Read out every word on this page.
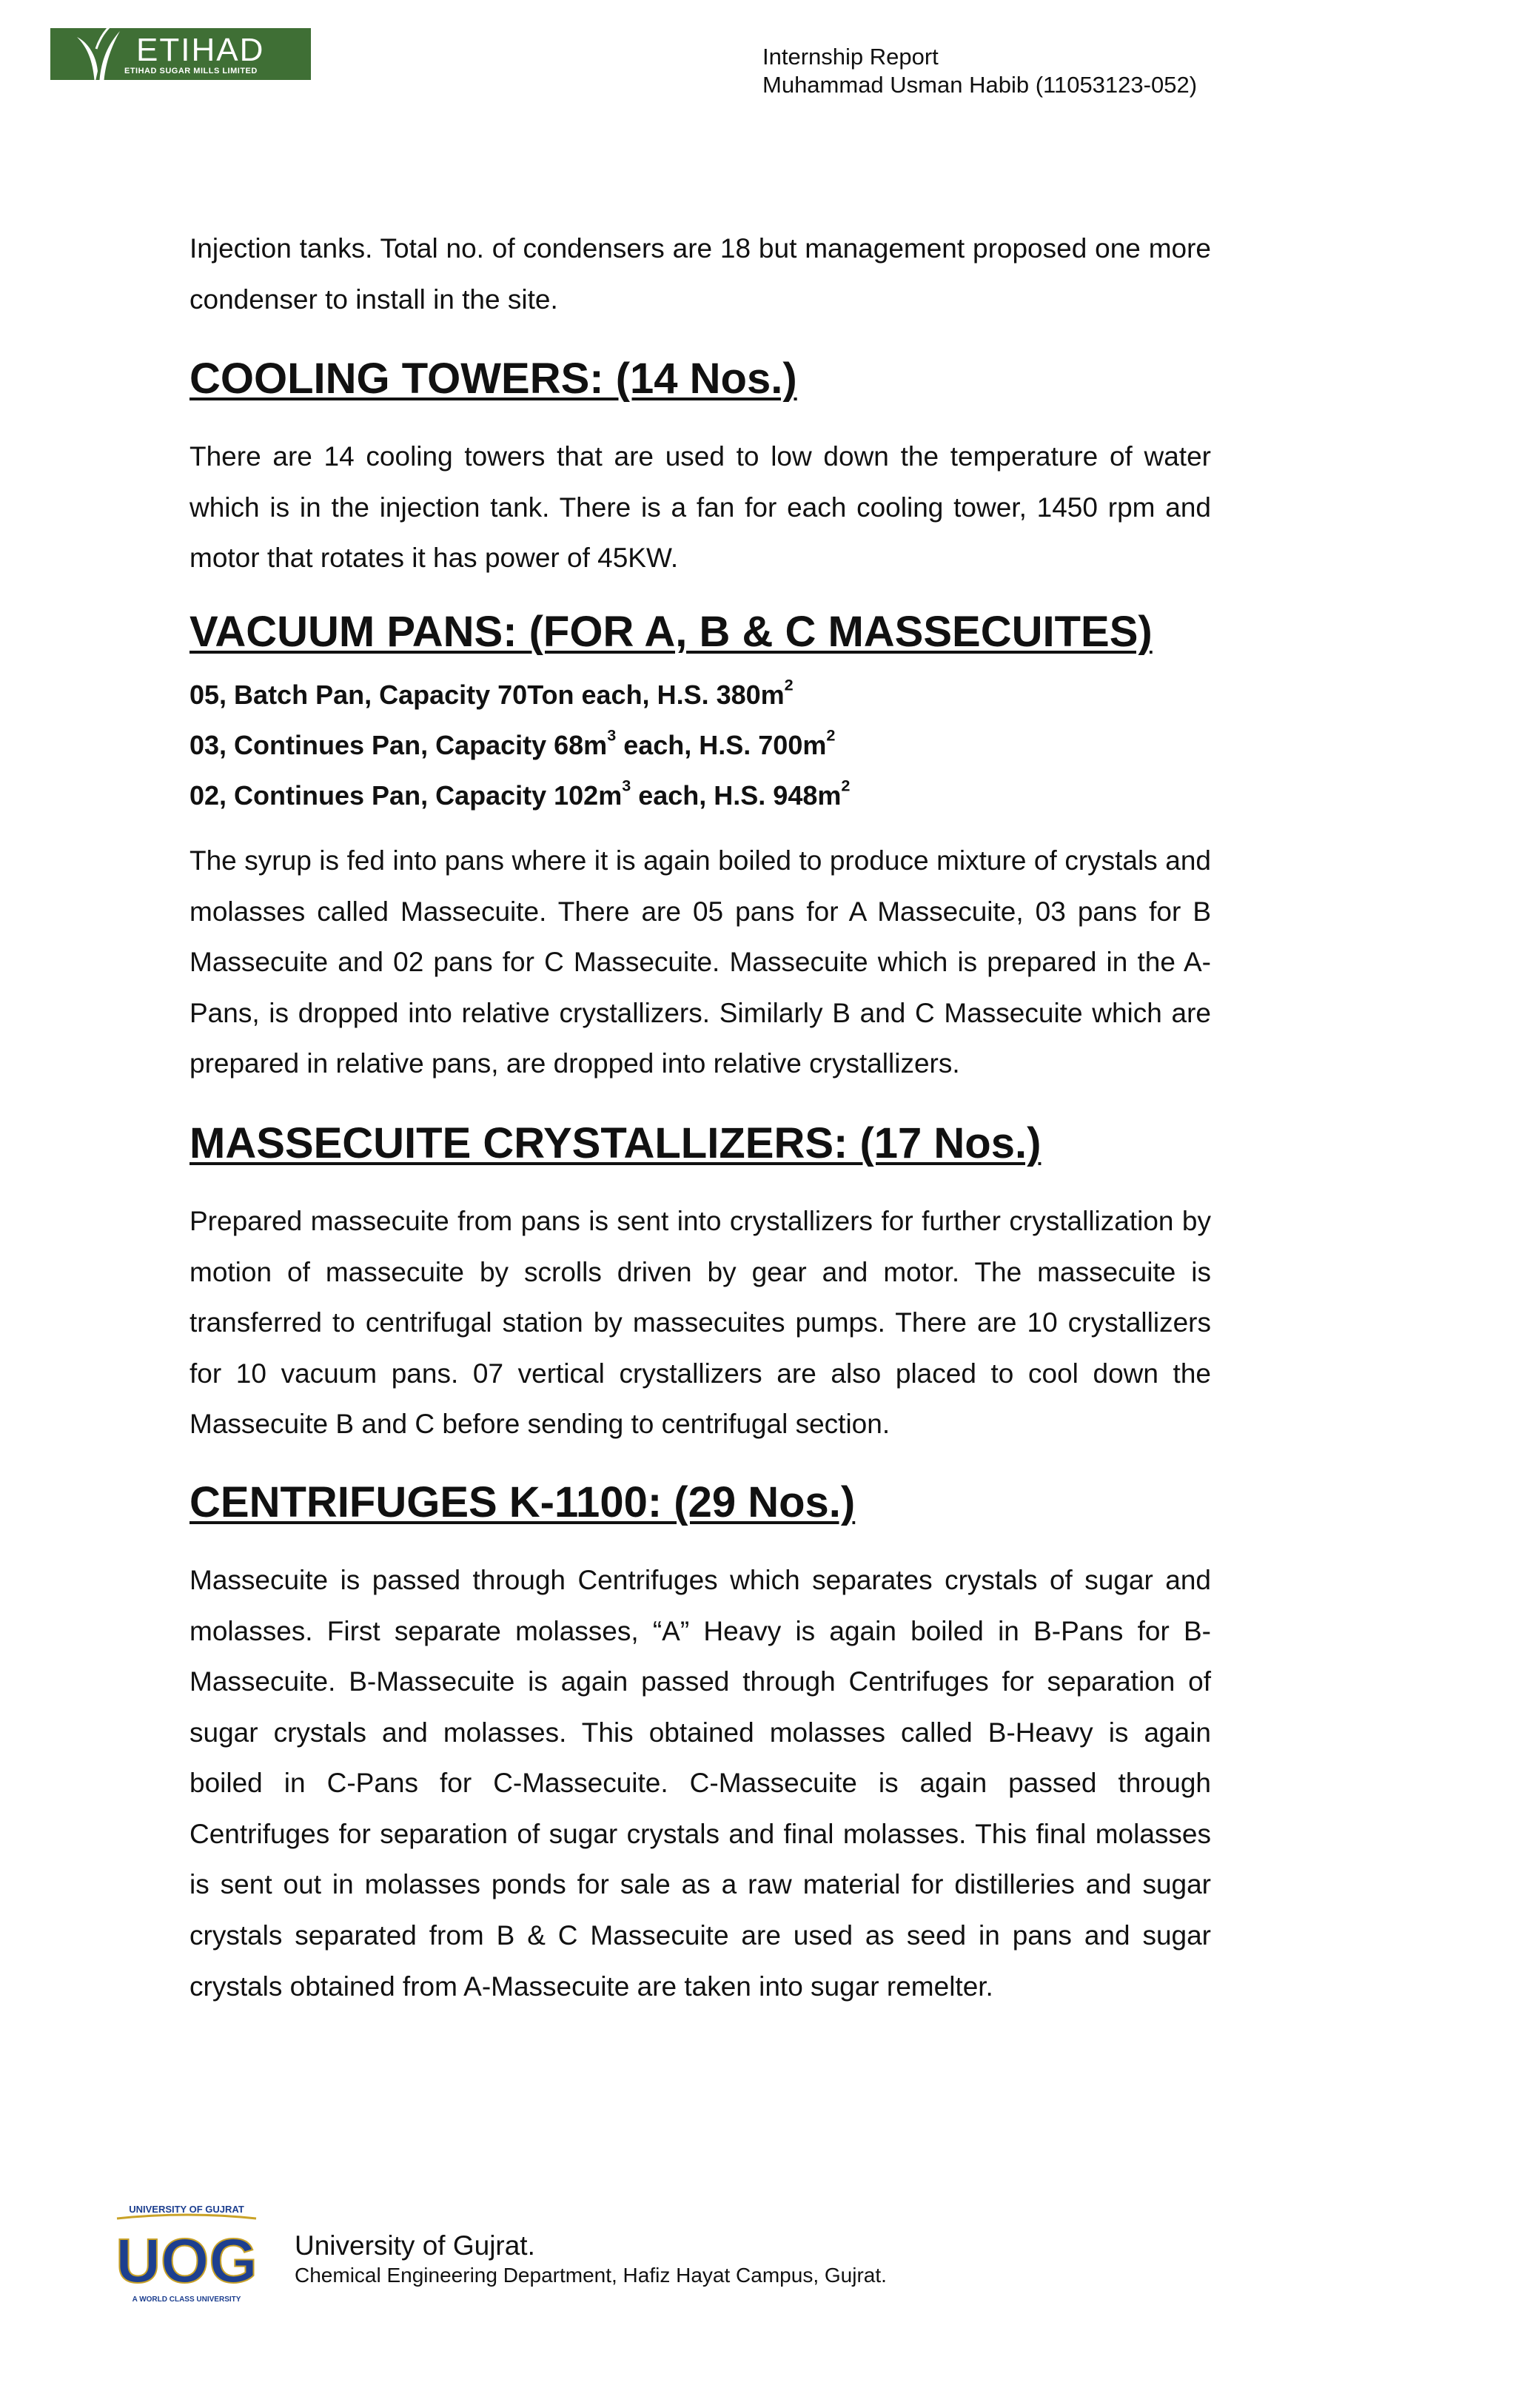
ETIHAD
ETIHAD SUGAR MILLS LIMITED
Internship Report
Muhammad Usman Habib (11053123-052)

Injection tanks. Total no. of condensers are 18 but management proposed one more condenser to install in the site.

COOLING TOWERS: (14 Nos.)

There are 14 cooling towers that are used to low down the temperature of water which is in the injection tank. There is a fan for each cooling tower, 1450 rpm and motor that rotates it has power of 45KW.

VACUUM PANS: (FOR A, B & C MASSECUITES)

05, Batch Pan, Capacity 70Ton each, H.S. $380m^2$

03, Continues Pan, Capacity $68m^3$ each, H.S. $700m^2$

02, Continues Pan, Capacity $102m^3$ each, H.S. $948m^2$

The syrup is fed into pans where it is again boiled to produce mixture of crystals and molasses called Massecuite. There are 05 pans for A Massecuite, 03 pans for B Massecuite and 02 pans for C Massecuite. Massecuite which is prepared in the A-Pans, is dropped into relative crystallizers. Similarly B and C Massecuite which are prepared in relative pans, are dropped into relative crystallizers.

MASSECUITE CRYSTALLIZERS: (17 Nos.)

Prepared massecuite from pans is sent into crystallizers for further crystallization by motion of massecuite by scrolls driven by gear and motor. The massecuite is transferred to centrifugal station by massecuites pumps. There are 10 crystallizers for 10 vacuum pans. 07 vertical crystallizers are also placed to cool down the Massecuite B and C before sending to centrifugal section.

CENTRIFUGES K-1100: (29 Nos.)

Massecuite is passed through Centrifuges which separates crystals of sugar and molasses. First separate molasses, “A” Heavy is again boiled in B-Pans for B-Massecuite. B-Massecuite is again passed through Centrifuges for separation of sugar crystals and molasses. This obtained molasses called B-Heavy is again boiled in C-Pans for C-Massecuite. C-Massecuite is again passed through Centrifuges for separation of sugar crystals and final molasses. This final molasses is sent out in molasses ponds for sale as a raw material for distilleries and sugar crystals separated from B & C Massecuite are used as seed in pans and sugar crystals obtained from A-Massecuite are taken into sugar remelter.

UNIVERSITY OF GUJRAT
UOG
A WORLD CLASS UNIVERSITY
University of Gujrat.
Chemical Engineering Department, Hafiz Hayat Campus, Gujrat.
